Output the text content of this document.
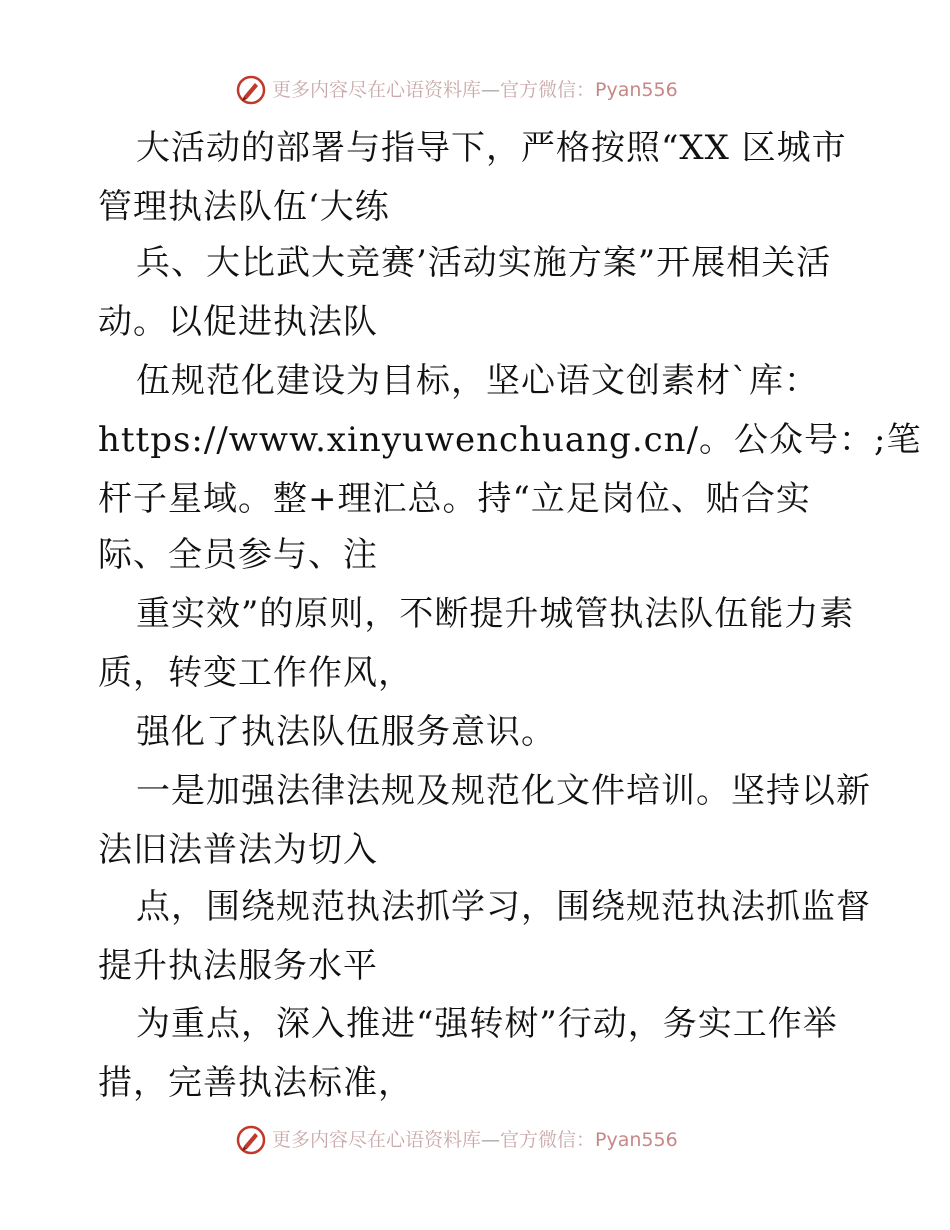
更多内容尽在心语资料库—官方微信：Pyan556
大活动的部署与指导下，严格按照“XX 区城市
管理执法队伍‘大练
兵、大比武大竞赛’活动实施方案”开展相关活
动。以促进执法队
伍规范化建设为目标，坚心语文创素材`库：
https://www.xinyuwenchuang.cn/。公众号：;笔
杆子星域。整+理汇总。持“立足岗位、贴合实
际、全员参与、注
重实效”的原则，不断提升城管执法队伍能力素
质，转变工作作风，
强化了执法队伍服务意识。
一是加强法律法规及规范化文件培训。坚持以新
法旧法普法为切入
点，围绕规范执法抓学习，围绕规范执法抓监督
提升执法服务水平
为重点，深入推进“强转树”行动，务实工作举
措，完善执法标准，
更多内容尽在心语资料库—官方微信：Pyan556
